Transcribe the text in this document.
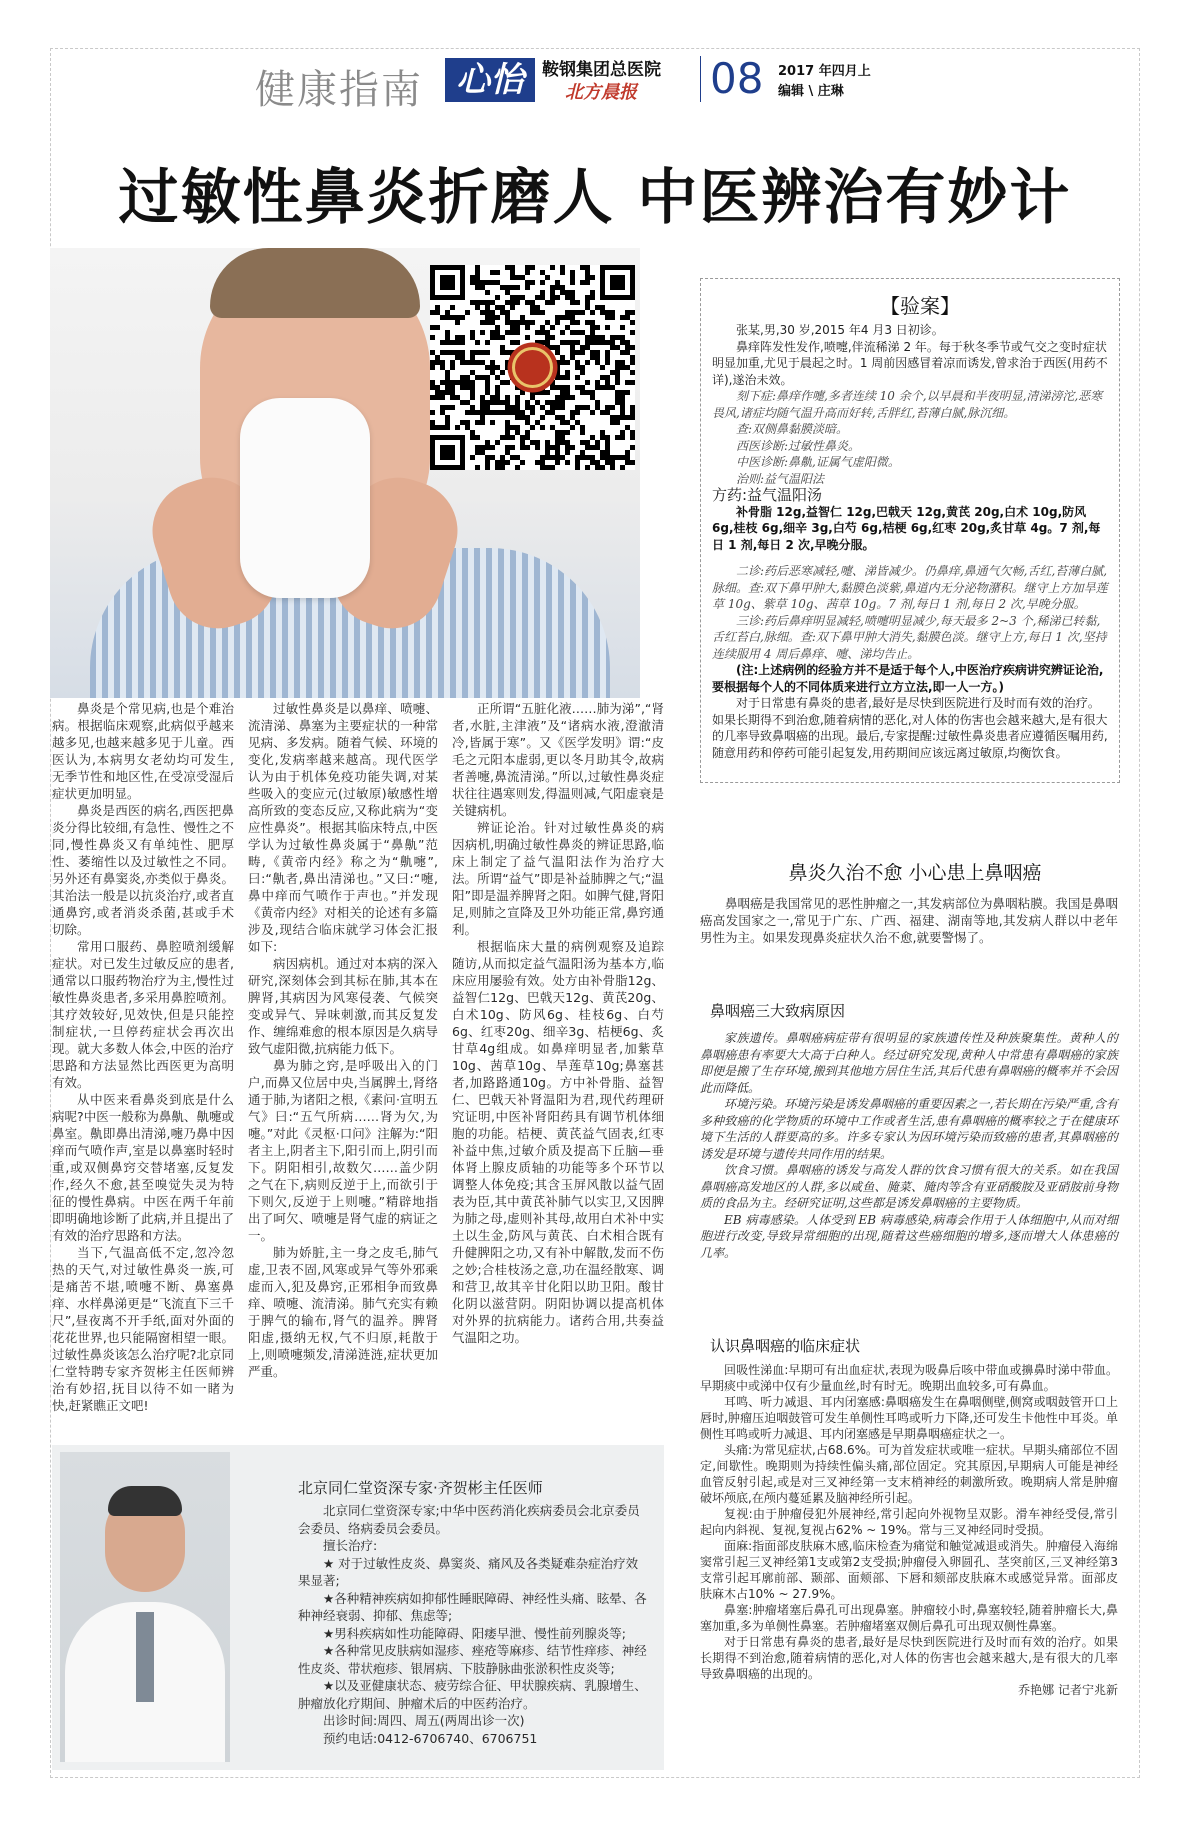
健康指南 心怡	鞍钢集团总医院
北方晨报 08 2017 年四月上
编辑 \ 庄琳
过敏性鼻炎折磨人 中医辨治有妙计
【验案】

张某,男,30 岁,2015 年4 月3 日初诊。

鼻痒阵发性发作,喷嚏,伴流稀涕 2 年。每于秋冬季节或气交之变时症状明显加重,尤见于晨起之时。1 周前因感冒着凉而诱发,曾求治于西医(用药不详),遂治未效。

刻下症:鼻痒作嚏,多者连续 10 余个,以早晨和半夜明显,清涕滂沱,恶寒畏风,诸症均随气温升高而好转,舌胖红,苔薄白腻,脉沉细。

查:双侧鼻黏膜淡暗。

西医诊断:过敏性鼻炎。

中医诊断:鼻鼽,证属气虚阳微。

治则:益气温阳法

方药:益气温阳汤

补骨脂 12g,益智仁 12g,巴戟天 12g,黄芪 20g,白术 10g,防风 6g,桂枝 6g,细辛 3g,白芍 6g,桔梗 6g,红枣 20g,炙甘草 4g。7 剂,每日 1 剂,每日 2 次,早晚分服。

二诊:药后恶寒减轻,嚏、涕皆减少。仍鼻痒,鼻通气欠畅,舌红,苔薄白腻,脉细。查:双下鼻甲肿大,黏膜色淡紫,鼻道内无分泌物潴积。继守上方加旱莲草 10g、紫草 10g、茜草 10g。7 剂,每日 1 剂,每日 2 次,早晚分服。

三诊:药后鼻痒明显减轻,喷嚏明显减少,每天最多 2~3 个,稀涕已转黏,舌红苔白,脉细。查:双下鼻甲肿大消失,黏膜色淡。继守上方,每日 1 次,坚持连续服用 4 周后鼻痒、嚏、涕均告止。

(注:上述病例的经验方并不是适于每个人,中医治疗疾病讲究辨证论治,要根据每个人的不同体质来进行立方立法,即一人一方。)

对于日常患有鼻炎的患者,最好是尽快到医院进行及时而有效的治疗。如果长期得不到治愈,随着病情的恶化,对人体的伤害也会越来越大,是有很大的几率导致鼻咽癌的出现。最后,专家提醒:过敏性鼻炎患者应遵循医嘱用药,随意用药和停药可能引起复发,用药期间应该远离过敏原,均衡饮食。

鼻炎是个常见病,也是个难治病。根据临床观察,此病似乎越来越多见,也越来越多见于儿童。西医认为,本病男女老幼均可发生,无季节性和地区性,在受凉受湿后症状更加明显。

鼻炎是西医的病名,西医把鼻炎分得比较细,有急性、慢性之不同,慢性鼻炎又有单纯性、肥厚性、萎缩性以及过敏性之不同。另外还有鼻窦炎,亦类似于鼻炎。其治法一般是以抗炎治疗,或者直通鼻窍,或者消炎杀菌,甚或手术切除。

常用口服药、鼻腔喷剂缓解症状。对已发生过敏反应的患者,通常以口服药物治疗为主,慢性过敏性鼻炎患者,多采用鼻腔喷剂。其疗效较好,见效快,但是只能控制症状,一旦停药症状会再次出现。就大多数人体会,中医的治疗思路和方法显然比西医更为高明有效。

从中医来看鼻炎到底是什么病呢?中医一般称为鼻鼽、鼽嚏或鼻室。鼽即鼻出清涕,嚏乃鼻中因痒而气喷作声,室是以鼻塞时轻时重,或双侧鼻窍交替堵塞,反复发作,经久不愈,甚至嗅觉失灵为特征的慢性鼻病。中医在两千年前即明确地诊断了此病,并且提出了有效的治疗思路和方法。

当下,气温高低不定,忽冷忽热的天气,对过敏性鼻炎一族,可是痛苦不堪,喷嚏不断、鼻塞鼻痒、水样鼻涕更是“飞流直下三千尺”,昼夜离不开手纸,面对外面的花花世界,也只能隔窗相望一眼。过敏性鼻炎该怎么治疗呢?北京同仁堂特聘专家齐贺彬主任医师辨治有妙招,抚目以待不如一睹为快,赶紧瞧正文吧!

过敏性鼻炎是以鼻痒、喷嚏、流清涕、鼻塞为主要症状的一种常见病、多发病。随着气候、环境的变化,发病率越来越高。现代医学认为由于机体免疫功能失调,对某些吸入的变应元(过敏原)敏感性增高所致的变态反应,又称此病为“变应性鼻炎”。根据其临床特点,中医学认为过敏性鼻炎属于“鼻鼽”范畴,《黄帝内经》称之为“鼽嚏”,曰:“鼽者,鼻出清涕也。”又曰:“嚏,鼻中痒而气喷作于声也。”并发现《黄帝内经》对相关的论述有多篇涉及,现结合临床就学习体会汇报如下:

病因病机。通过对本病的深入研究,深刻体会到其标在肺,其本在脾肾,其病因为风寒侵袭、气候突变或异气、异味刺激,而其反复发作、缠绵难愈的根本原因是久病导致气虚阳微,抗病能力低下。

鼻为肺之窍,是呼吸出入的门户,而鼻又位居中央,当属脾土,肾络通于肺,为诸阳之根,《素问·宣明五气》曰:“五气所病……肾为欠,为嚏。”对此《灵枢·口问》注解为:“阳者主上,阴者主下,阳引而上,阴引而下。阴阳相引,故数欠……盖少阴之气在下,病则反逆于上,而欲引于下则欠,反逆于上则嚏。”精辟地指出了呵欠、喷嚏是肾气虚的病证之一。

肺为娇脏,主一身之皮毛,肺气虚,卫表不固,风寒或异气等外邪乘虚而入,犯及鼻窍,正邪相争而致鼻痒、喷嚏、流清涕。肺气充实有赖于脾气的输布,肾气的温养。脾肾阳虚,摄纳无权,气不归原,耗散于上,则喷嚏频发,清涕涟涟,症状更加严重。

正所谓“五脏化液……肺为涕”,“肾者,水脏,主津液”及“诸病水液,澄澈清冷,皆属于寒”。又《医学发明》谓:“皮毛之元阳本虚弱,更以冬月助其令,故病者善嚏,鼻流清涕。”所以,过敏性鼻炎症状往往遇寒则发,得温则减,气阳虚衰是关键病机。

辨证论治。针对过敏性鼻炎的病因病机,明确过敏性鼻炎的辨证思路,临床上制定了益气温阳法作为治疗大法。所谓“益气”即是补益肺脾之气;“温阳”即是温养脾肾之阳。如脾气健,肾阳足,则肺之宣降及卫外功能正常,鼻窍通利。

根据临床大量的病例观察及追踪随访,从而拟定益气温阳汤为基本方,临床应用屡验有效。处方由补骨脂12g、益智仁12g、巴戟天12g、黄芪20g、白术10g、防风6g、桂枝6g、白芍6g、红枣20g、细辛3g、桔梗6g、炙甘草4g组成。如鼻痒明显者,加紫草10g、茜草10g、旱莲草10g;鼻塞甚者,加路路通10g。方中补骨脂、益智仁、巴戟天补肾温阳为君,现代药理研究证明,中医补肾阳药具有调节机体细胞的功能。桔梗、黄芪益气固表,红枣补益中焦,过敏介质及提高下丘脑—垂体肾上腺皮质轴的功能等多个环节以调整人体免疫;其含玉屏风散以益气固表为臣,其中黄芪补肺气以实卫,又因脾为肺之母,虚则补其母,故用白术补中实土以生金,防风与黄芪、白术相合既有升健脾阳之功,又有补中解散,发而不伤之妙;合桂枝汤之意,功在温经散寒、调和营卫,故其辛甘化阳以助卫阳。酸甘化阴以滋营阴。阴阳协调以提高机体对外界的抗病能力。诸药合用,共奏益气温阳之功。

北京同仁堂资深专家·齐贺彬主任医师

北京同仁堂资深专家;中华中医药消化疾病委员会北京委员会委员、络病委员会委员。

擅长治疗:

★ 对于过敏性皮炎、鼻窦炎、痛风及各类疑难杂症治疗效果显著;

★各种精神疾病如抑郁性睡眠障碍、神经性头痛、眩晕、各种神经衰弱、抑郁、焦虑等;

★男科疾病如性功能障碍、阳痿早泄、慢性前列腺炎等;

★各种常见皮肤病如湿疹、痤疮等麻疹、结节性痒疹、神经性皮炎、带状疱疹、银屑病、下肢静脉曲张淤积性皮炎等;

★以及亚健康状态、疲劳综合征、甲状腺疾病、乳腺增生、肿瘤放化疗期间、肿瘤术后的中医药治疗。

出诊时间:周四、周五(两周出诊一次)

预约电话:0412-6706740、6706751

鼻炎久治不愈 小心患上鼻咽癌

鼻咽癌是我国常见的恶性肿瘤之一,其发病部位为鼻咽粘膜。我国是鼻咽癌高发国家之一,常见于广东、广西、福建、湖南等地,其发病人群以中老年男性为主。如果发现鼻炎症状久治不愈,就要警惕了。

鼻咽癌三大致病原因

家族遗传。鼻咽癌病症带有很明显的家族遗传性及种族聚集性。黄种人的鼻咽癌患有率要大大高于白种人。经过研究发现,黄种人中常患有鼻咽癌的家族即便是搬了生存环境,搬到其他地方居住生活,其后代患有鼻咽癌的概率并不会因此而降低。

环境污染。环境污染是诱发鼻咽癌的重要因素之一,若长期在污染严重,含有多种致癌的化学物质的环境中工作或者生活,患有鼻咽癌的概率较之于在健康环境下生活的人群要高的多。许多专家认为因环境污染而致癌的患者,其鼻咽癌的诱发是环境与遗传共同作用的结果。

饮食习惯。鼻咽癌的诱发与高发人群的饮食习惯有很大的关系。如在我国鼻咽癌高发地区的人群,多以咸鱼、腌菜、腌肉等含有亚硝酸胺及亚硝胺前身物质的食品为主。经研究证明,这些都是诱发鼻咽癌的主要物质。

EB 病毒感染。人体受到 EB 病毒感染,病毒会作用于人体细胞中,从而对细胞进行改变,导致异常细胞的出现,随着这些癌细胞的增多,逐而增大人体患癌的几率。

认识鼻咽癌的临床症状

回吸性涕血:早期可有出血症状,表现为吸鼻后咳中带血或擤鼻时涕中带血。早期痰中或涕中仅有少量血丝,时有时无。晚期出血较多,可有鼻血。

耳鸣、听力减退、耳内闭塞感:鼻咽癌发生在鼻咽侧壁,侧窝或咽鼓管开口上唇时,肿瘤压迫咽鼓管可发生单侧性耳鸣或听力下降,还可发生卡他性中耳炎。单侧性耳鸣或听力减退、耳内闭塞感是早期鼻咽癌症状之一。

头痛:为常见症状,占68.6%。可为首发症状或唯一症状。早期头痛部位不固定,间歇性。晚期则为持续性偏头痛,部位固定。究其原因,早期病人可能是神经血管反射引起,或是对三叉神经第一支末梢神经的刺激所致。晚期病人常是肿瘤破坏颅底,在颅内蔓延累及脑神经所引起。

复视:由于肿瘤侵犯外展神经,常引起向外视物呈双影。滑车神经受侵,常引起向内斜视、复视,复视占62% ~ 19%。常与三叉神经同时受损。

面麻:指面部皮肤麻木感,临床检查为痛觉和触觉减退或消失。肿瘤侵入海绵窦常引起三叉神经第1支或第2支受损;肿瘤侵入卵圆孔、茎突前区,三叉神经第3支常引起耳廓前部、颞部、面颊部、下唇和颏部皮肤麻木或感觉异常。面部皮肤麻木占10% ~ 27.9%。

鼻塞:肿瘤堵塞后鼻孔可出现鼻塞。肿瘤较小时,鼻塞较轻,随着肿瘤长大,鼻塞加重,多为单侧性鼻塞。若肿瘤堵塞双侧后鼻孔可出现双侧性鼻塞。

对于日常患有鼻炎的患者,最好是尽快到医院进行及时而有效的治疗。如果长期得不到治愈,随着病情的恶化,对人体的伤害也会越来越大,是有很大的几率导致鼻咽癌的出现的。

乔艳娜 记者宁兆新
